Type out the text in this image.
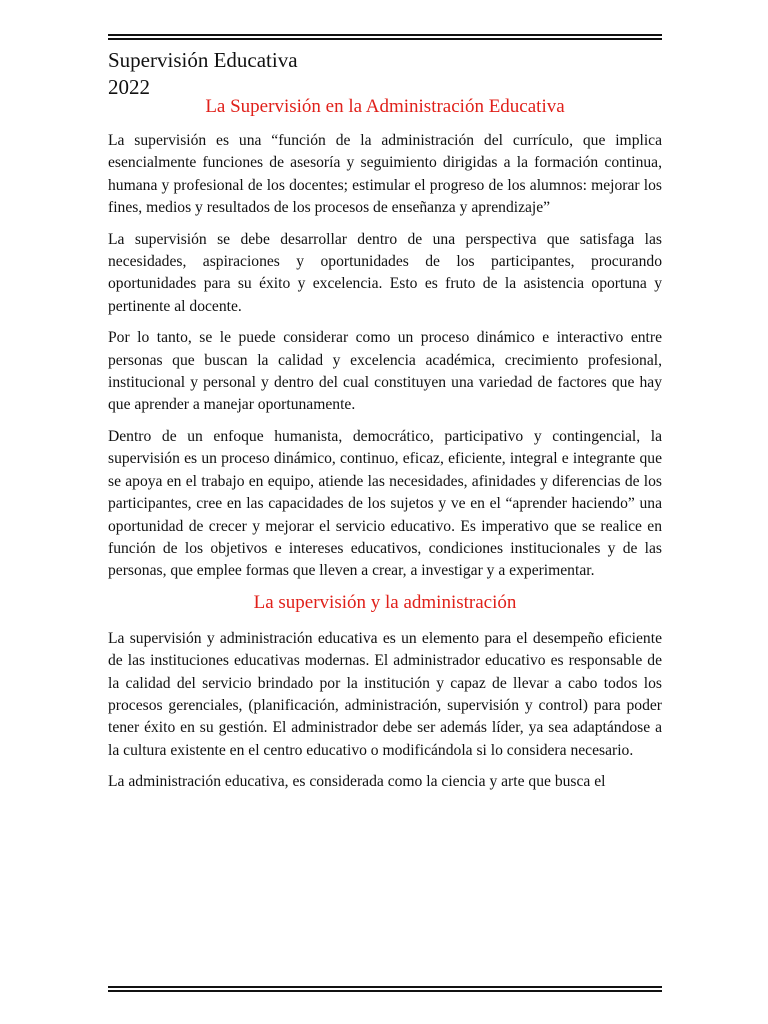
Supervisión Educativa
2022
La Supervisión en la Administración Educativa

La supervisión es una “función de la administración del currículo, que implica esencialmente funciones de asesoría y seguimiento dirigidas a la formación continua, humana y profesional de los docentes; estimular el progreso de los alumnos: mejorar los fines, medios y resultados de los procesos de enseñanza y aprendizaje”

La supervisión se debe desarrollar dentro de una perspectiva que satisfaga las necesidades, aspiraciones y oportunidades de los participantes, procurando oportunidades para su éxito y excelencia. Esto es fruto de la asistencia oportuna y pertinente al docente.

Por lo tanto, se le puede considerar como un proceso dinámico e interactivo entre personas que buscan la calidad y excelencia académica, crecimiento profesional, institucional y personal y dentro del cual constituyen una variedad de factores que hay que aprender a manejar oportunamente.

Dentro de un enfoque humanista, democrático, participativo y contingencial, la supervisión es un proceso dinámico, continuo, eficaz, eficiente, integral e integrante que se apoya en el trabajo en equipo, atiende las necesidades, afinidades y diferencias de los participantes, cree en las capacidades de los sujetos y ve en el “aprender haciendo” una oportunidad de crecer y mejorar el servicio educativo. Es imperativo que se realice en función de los objetivos e intereses educativos, condiciones institucionales y de las personas, que emplee formas que lleven a crear, a investigar y a experimentar.

La supervisión y la administración

La supervisión y administración educativa es un elemento para el desempeño eficiente de las instituciones educativas modernas. El administrador educativo es responsable de la calidad del servicio brindado por la institución y capaz de llevar a cabo todos los procesos gerenciales, (planificación, administración, supervisión y control) para poder tener éxito en su gestión. El administrador debe ser además líder, ya sea adaptándose a la cultura existente en el centro educativo o modificándola si lo considera necesario.

La administración educativa, es considerada como la ciencia y arte que busca el
